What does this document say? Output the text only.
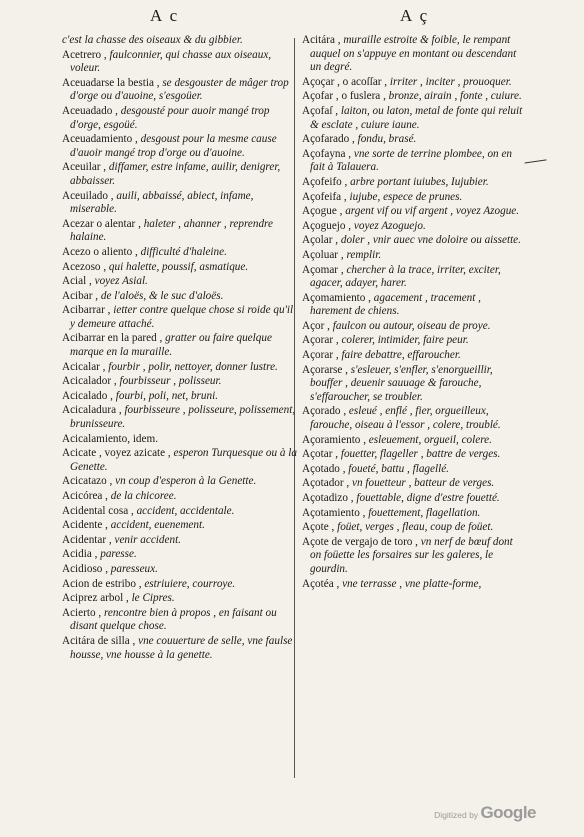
A c	A ç
c'est la chasse des oiseaux & du gibbier.
Acetrero , faulconnier, qui chasse aux oiseaux, voleur.
Aceuadarse la bestia , se desgouster de mâger trop d'orge ou d'auoine, s'esgoüer.
Aceuadado , desgousté pour auoir mangé trop d'orge, esgoüé.
Aceuadamiento , desgoust pour la mesme cause d'auoir mangé trop d'orge ou d'auoine.
Aceuilar , diffamer, estre infame, auilir, denigrer, abbaisser.
Aceuilado , auili, abbaissé, abiect, infame, miserable.
Acezar o alentar , haleter , ahanner , reprendre halaine.
Acezo o aliento , difficulté d'haleine.
Acezoso , qui halette, poussif, asmatique.
Acial , voyez Asial.
Acibar , de l'aloës, & le suc d'aloës.
Acibarrar , ietter contre quelque chose si roide qu'il y demeure attaché.
Acibarrar en la pared , gratter ou faire quelque marque en la muraille.
Acicalar , fourbir , polir, nettoyer, donner lustre.
Acicalador , fourbisseur , polisseur.
Acicalado , fourbi, poli, net, bruni.
Acicaladura , fourbisseure , polisseure, polissement, brunisseure.
Acicalamiento, idem.
Acicate , voyez azicate , esperon Turquesque ou à la Genette.
Acicatazo , vn coup d'esperon à la Genette.
Acicórea , de la chicoree.
Acidental cosa , accident, accidentale.
Acidente , accident, euenement.
Acidentar , venir accident.
Acidia , paresse.
Acidioso , paresseux.
Acion de estribo , estriuiere, courroye.
Aciprez arbol , le Cipres.
Acierto , rencontre bien à propos , en faisant ou disant quelque chose.
Acitára de silla , vne couuerture de selle, vne faulse housse, vne housse à la genette.
Acitára , muraille estroite & foible, le rempant auquel on s'appuye en montant ou descendant un degré.
Açoçar , o acoſſar , irriter , inciter , prouoquer.
Açofar , o fuslera , bronze, airain , fonte , cuiure.
Açofaſ , laiton, ou laton, metal de fonte qui reluit & esclate , cuiure iaune.
Açofarado , fondu, brasé.
Açofayna , vne sorte de terrine plombee, on en fait à Talauera.
Açofeifo , arbre portant iuiubes, Iujubier.
Açofeifa , iujube, espece de prunes.
Açogue , argent vif ou vif argent , voyez Azogue.
Açoguejo , voyez Azoguejo.
Açolar , doler , vnir auec vne doloire ou aissette.
Açoluar , remplir.
Açomar , chercher à la trace, irriter, exciter, agacer, adayer, harer.
Açomamiento , agacement , tracement , harement de chiens.
Açor , faulcon ou autour, oiseau de proye.
Açorar , colerer, intimider, faire peur.
Açorar , faire debattre, effaroucher.
Açorarse , s'esleuer, s'enfler, s'enorgueillir, bouffer , deuenir sauuage & farouche, s'effaroucher, se troubler.
Açorado , esleué , enflé , fier, orgueilleux, farouche, oiseau à l'essor , colere, troublé.
Açoramiento , esleuement, orgueil, colere.
Açotar , fouetter, flageller , battre de verges.
Açotado , foueté, battu , flagellé.
Açotador , vn fouetteur , batteur de verges.
Açotadizo , fouettable, digne d'estre fouetté.
Açotamiento , fouettement, flagellation.
Açote , foüet, verges , fleau, coup de foüet.
Açote de vergajo de toro , vn nerf de bœuf dont on foüette les forsaires sur les galeres, le gourdin.
Açotéa , vne terrasse , vne platte-forme,
Digitized by Google
